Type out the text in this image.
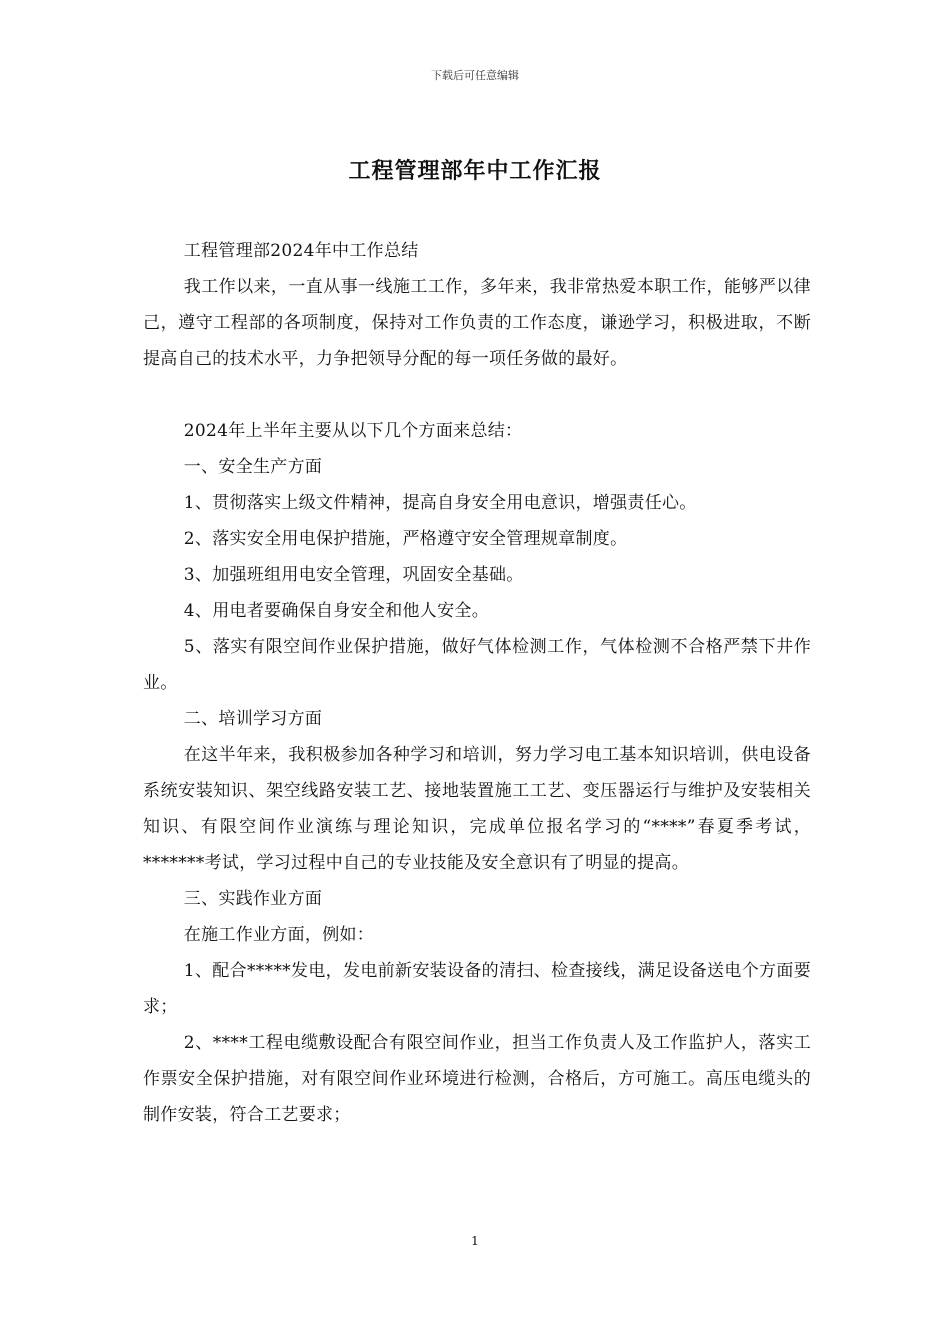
下载后可任意编辑
工程管理部年中工作汇报

工程管理部2024年中工作总结

我工作以来，一直从事一线施工工作，多年来，我非常热爱本职工作，能够严以律己，遵守工程部的各项制度，保持对工作负责的工作态度，谦逊学习，积极进取，不断提高自己的技术水平，力争把领导分配的每一项任务做的最好。

2024年上半年主要从以下几个方面来总结：

一、安全生产方面

1、贯彻落实上级文件精神，提高自身安全用电意识，增强责任心。

2、落实安全用电保护措施，严格遵守安全管理规章制度。

3、加强班组用电安全管理，巩固安全基础。

4、用电者要确保自身安全和他人安全。

5、落实有限空间作业保护措施，做好气体检测工作，气体检测不合格严禁下井作业。

二、培训学习方面

在这半年来，我积极参加各种学习和培训，努力学习电工基本知识培训，供电设备系统安装知识、架空线路安装工艺、接地装置施工工艺、变压器运行与维护及安装相关知识、有限空间作业演练与理论知识，完成单位报名学习的“****”春夏季考试，*******考试，学习过程中自己的专业技能及安全意识有了明显的提高。

三、实践作业方面

在施工作业方面，例如：

1、配合*****发电，发电前新安装设备的清扫、检查接线，满足设备送电个方面要求；

2、****工程电缆敷设配合有限空间作业，担当工作负责人及工作监护人，落实工作票安全保护措施，对有限空间作业环境进行检测，合格后，方可施工。高压电缆头的制作安装，符合工艺要求；

1
